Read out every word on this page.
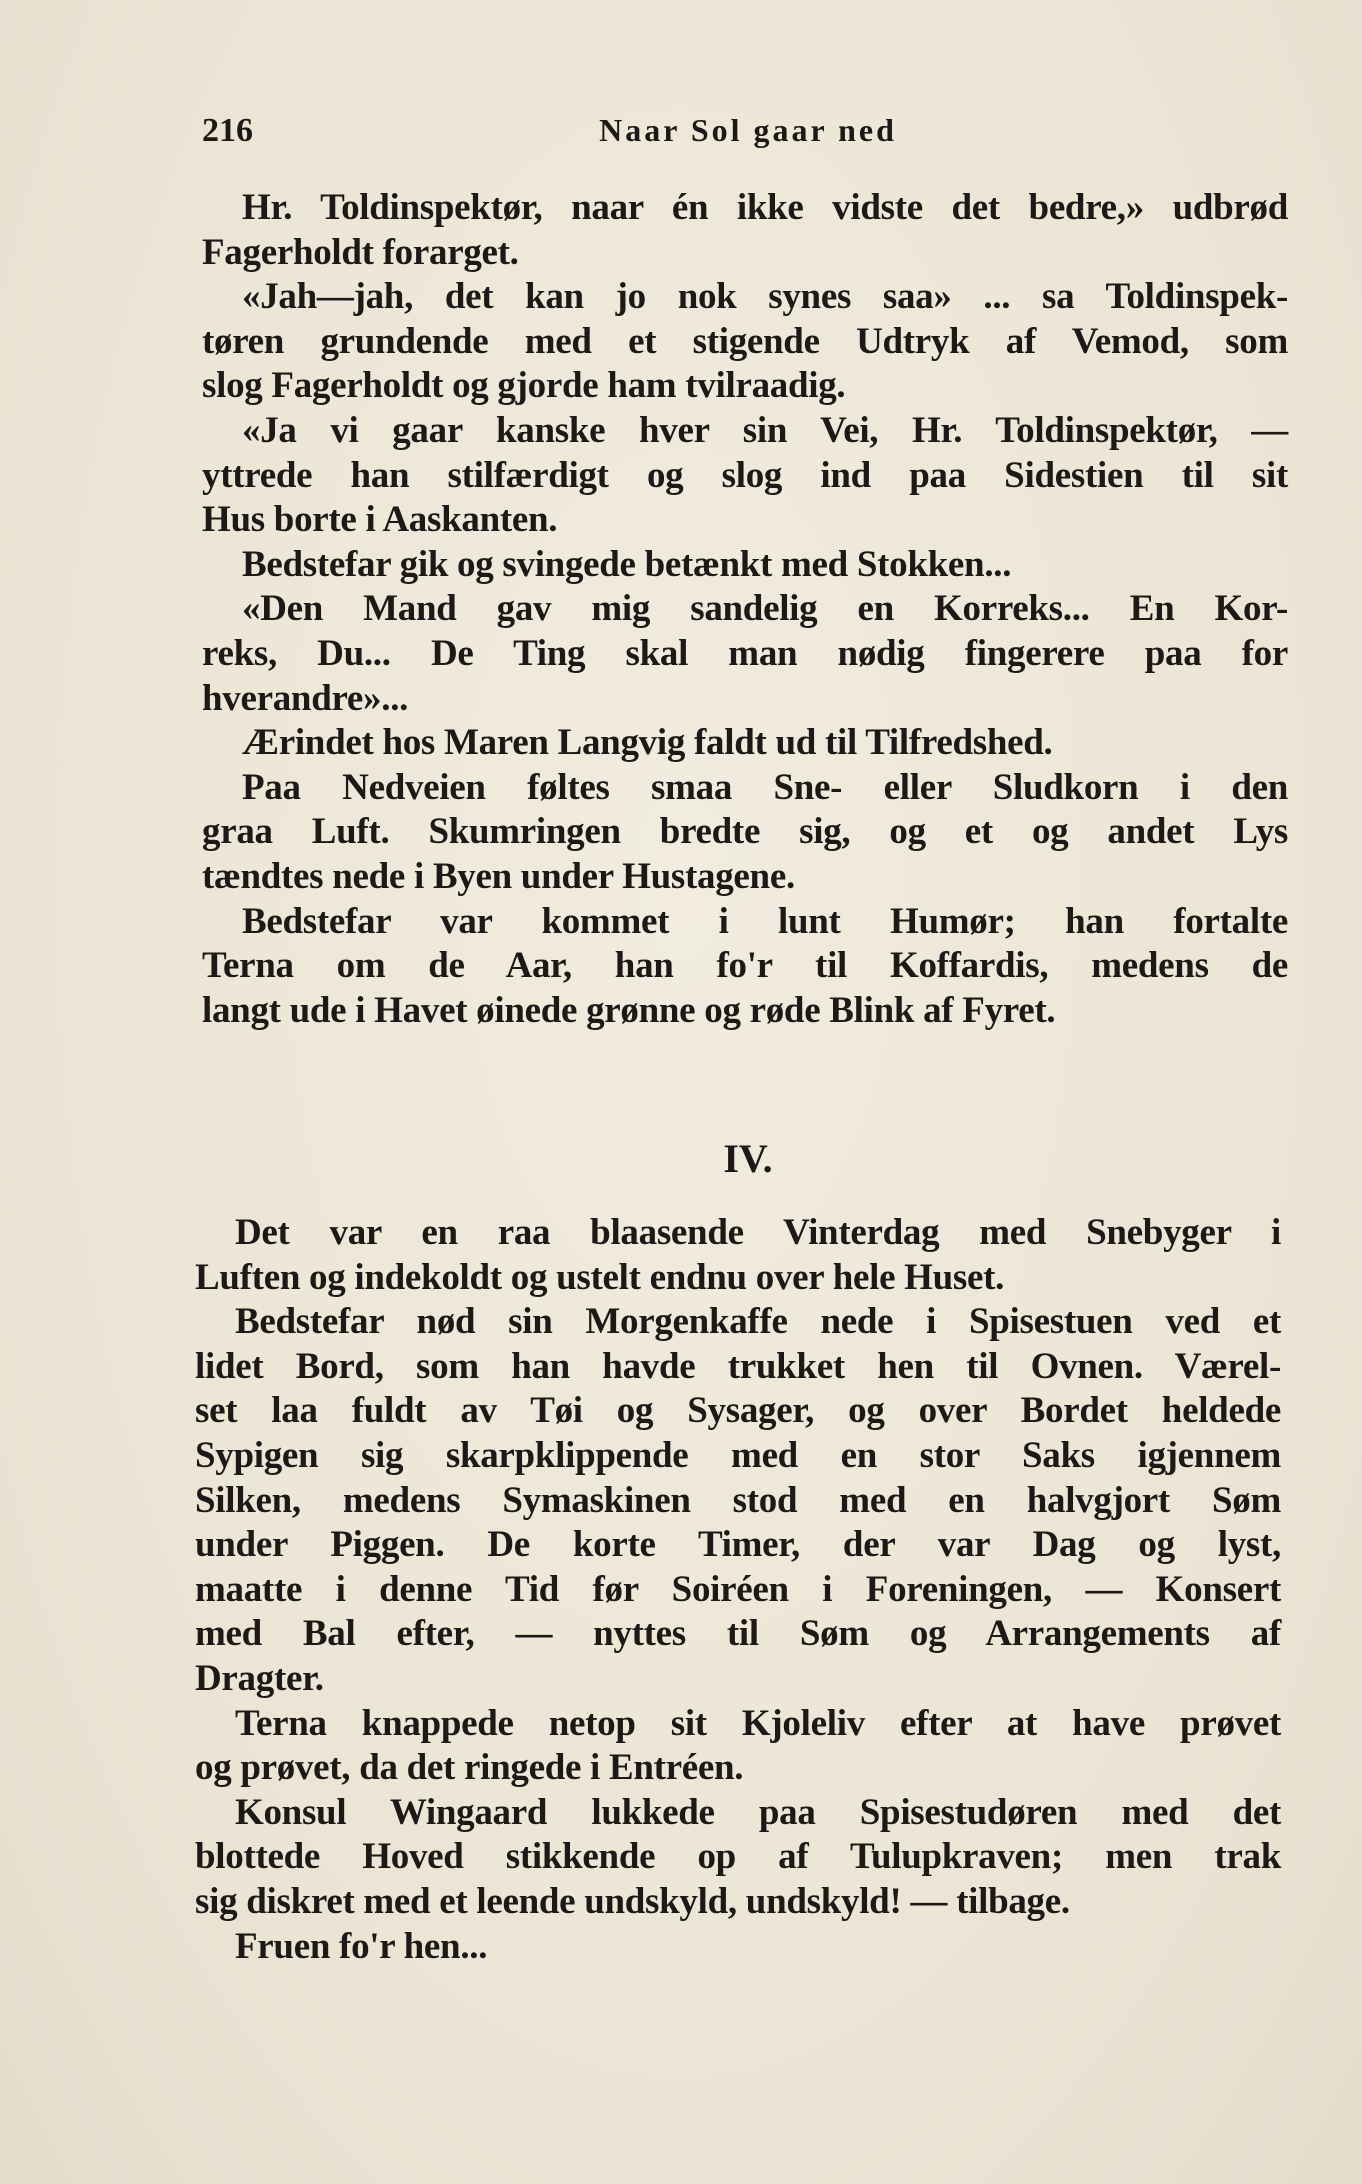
216	Naar Sol gaar ned
Hr. Toldinspektør, naar én ikke vidste det bedre,» udbrød
Fagerholdt forarget.
«Jah—jah, det kan jo nok synes saa» ... sa Toldinspek-
tøren grundende med et stigende Udtryk af Vemod, som
slog Fagerholdt og gjorde ham tvilraadig.
«Ja vi gaar kanske hver sin Vei, Hr. Toldinspektør, —
yttrede han stilfærdigt og slog ind paa Sidestien til sit
Hus borte i Aaskanten.
Bedstefar gik og svingede betænkt med Stokken...
«Den Mand gav mig sandelig en Korreks... En Kor-
reks, Du... De Ting skal man nødig fingerere paa for
hverandre»...
Ærindet hos Maren Langvig faldt ud til Tilfredshed.
Paa Nedveien føltes smaa Sne- eller Sludkorn i den
graa Luft. Skumringen bredte sig, og et og andet Lys
tændtes nede i Byen under Hustagene.
Bedstefar var kommet i lunt Humør; han fortalte
Terna om de Aar, han fo'r til Koffardis, medens de
langt ude i Havet øinede grønne og røde Blink af Fyret.
IV.
Det var en raa blaasende Vinterdag med Snebyger i
Luften og indekoldt og ustelt endnu over hele Huset.
Bedstefar nød sin Morgenkaffe nede i Spisestuen ved et
lidet Bord, som han havde trukket hen til Ovnen. Værel-
set laa fuldt av Tøi og Sysager, og over Bordet heldede
Sypigen sig skarpklippende med en stor Saks igjennem
Silken, medens Symaskinen stod med en halvgjort Søm
under Piggen. De korte Timer, der var Dag og lyst,
maatte i denne Tid før Soiréen i Foreningen, — Konsert
med Bal efter, — nyttes til Søm og Arrangements af
Dragter.
Terna knappede netop sit Kjoleliv efter at have prøvet
og prøvet, da det ringede i Entréen.
Konsul Wingaard lukkede paa Spisestudøren med det
blottede Hoved stikkende op af Tulupkraven; men trak
sig diskret med et leende undskyld, undskyld! — tilbage.
Fruen fo'r hen...
